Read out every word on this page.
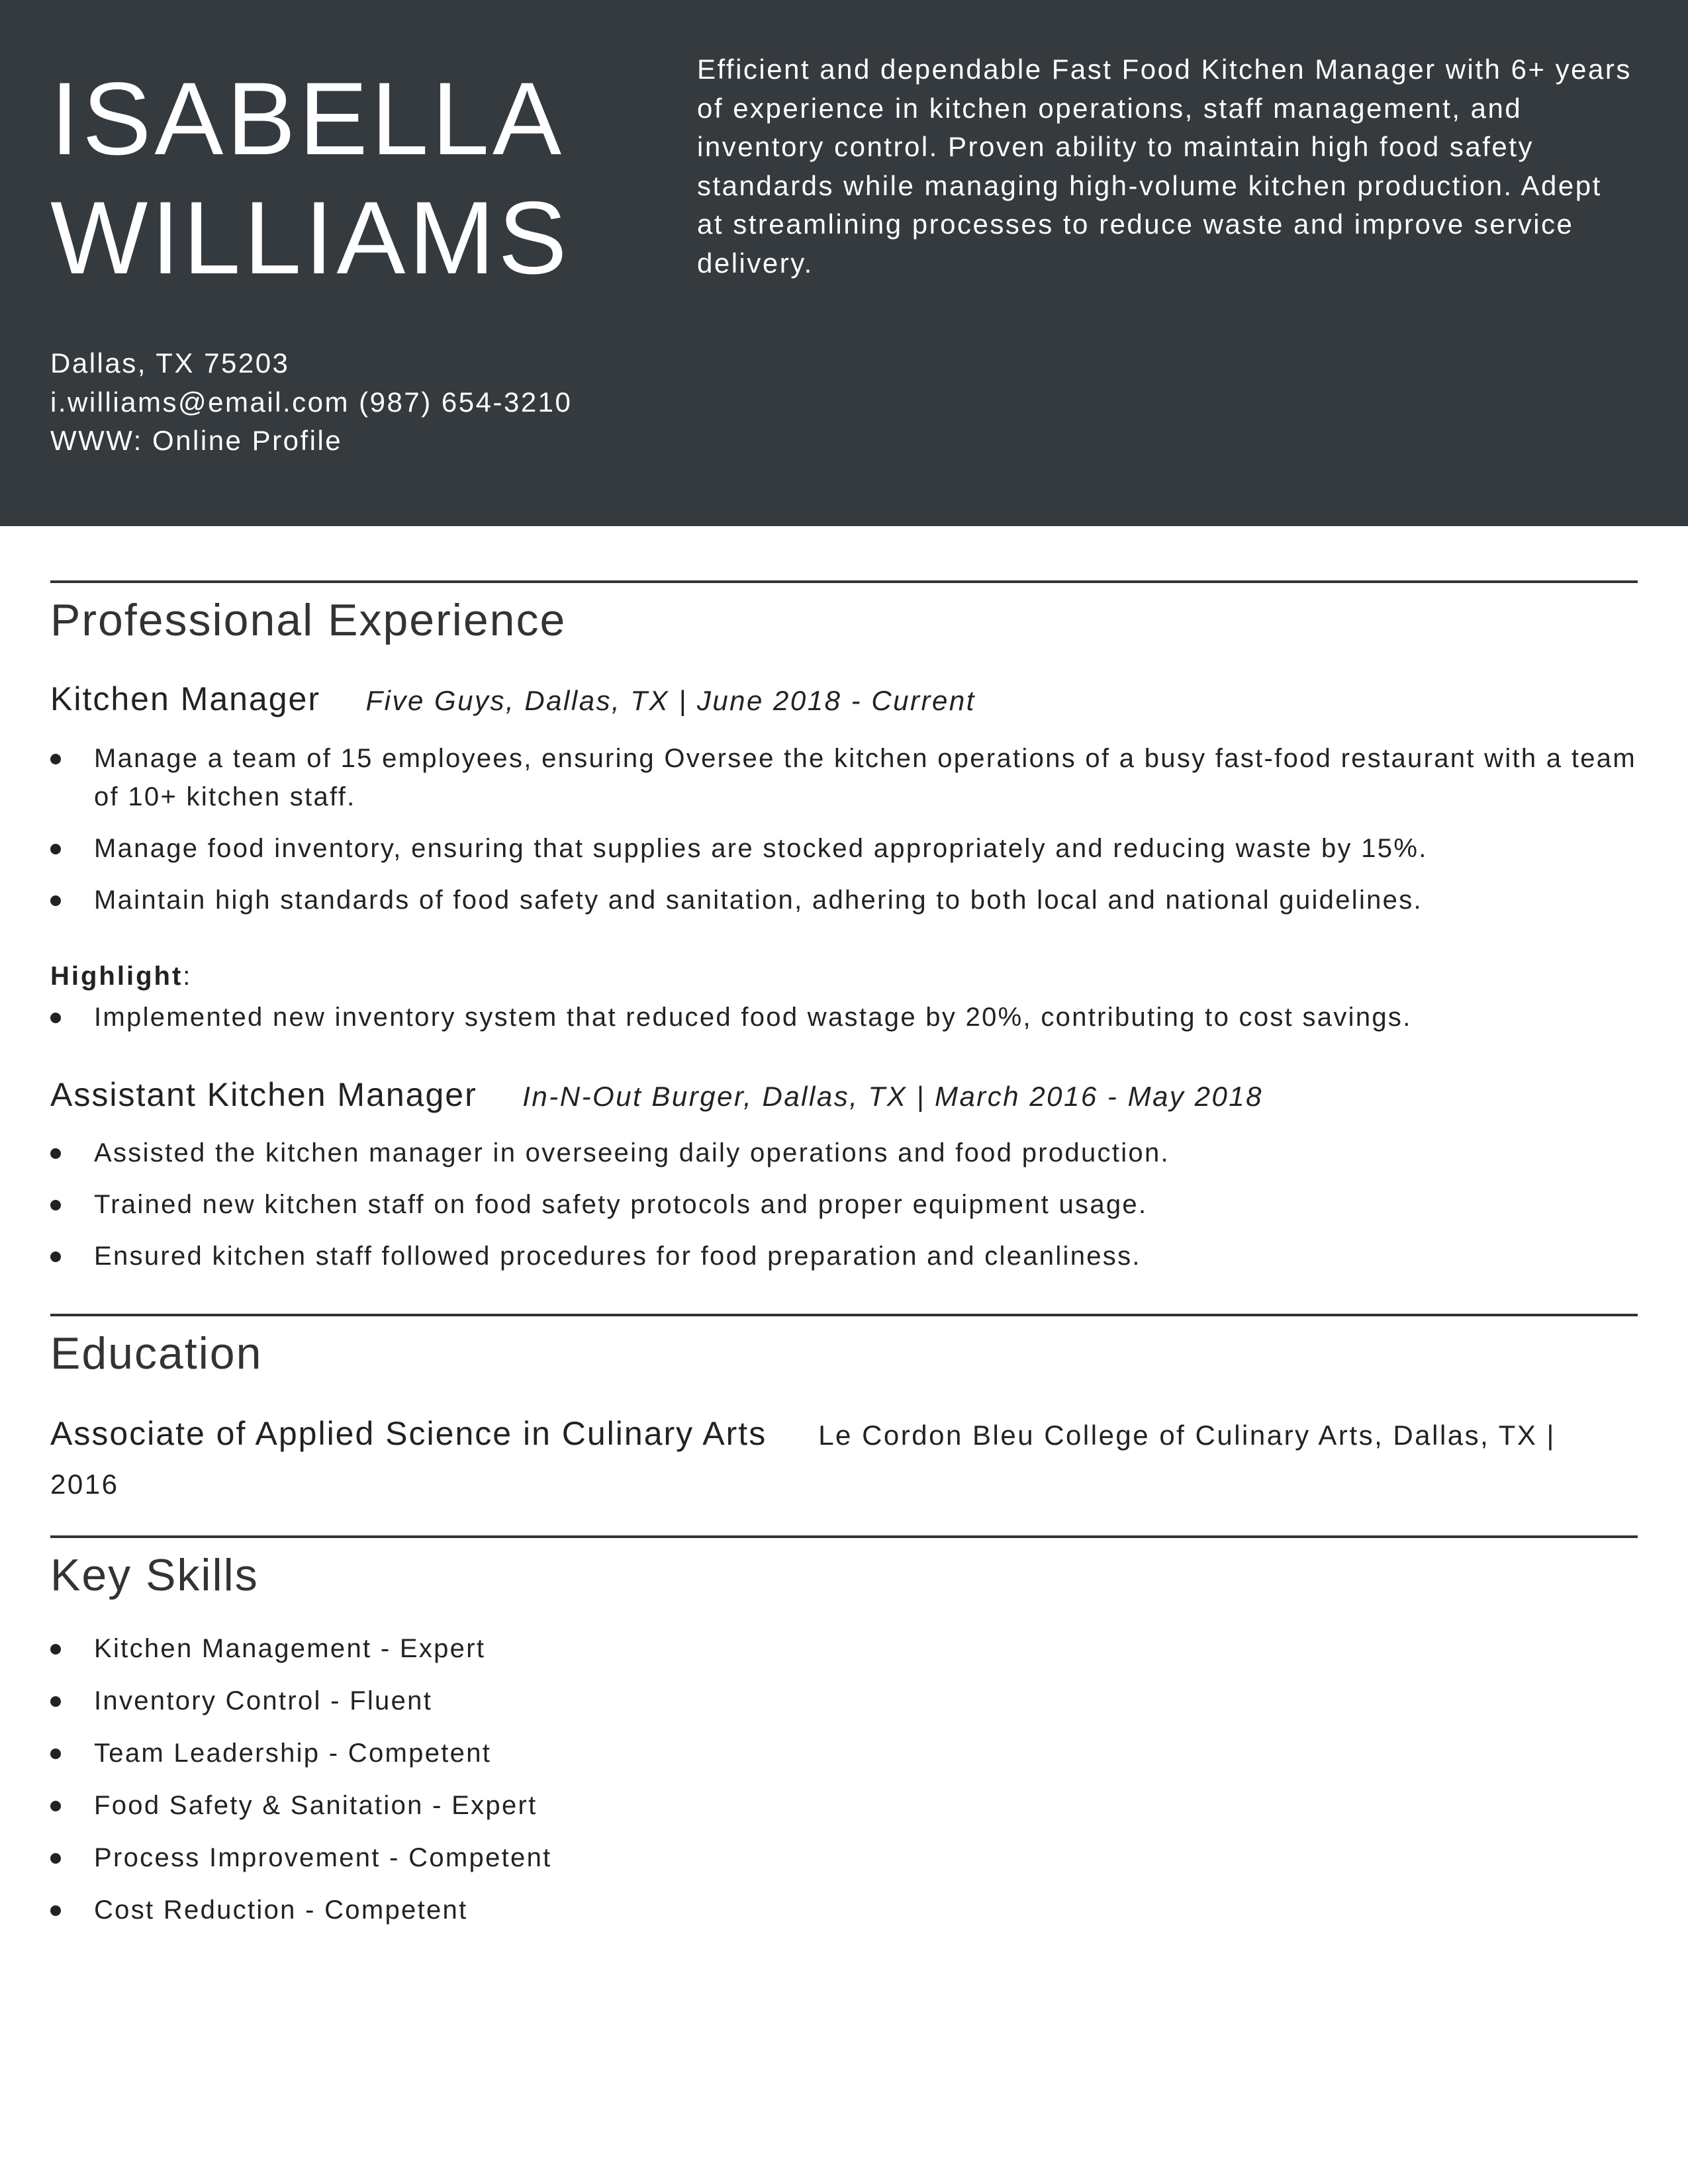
ISABELLA
WILLIAMS

Efficient and dependable Fast Food Kitchen Manager with 6+ years of experience in kitchen operations, staff management, and inventory control. Proven ability to maintain high food safety standards while managing high-volume kitchen production. Adept at streamlining processes to reduce waste and improve service delivery.

Dallas, TX 75203
i.williams@email.com (987) 654-3210
WWW: Online Profile
Professional Experience
Kitchen Manager Five Guys, Dallas, TX | June 2018 - Current
Manage a team of 15 employees, ensuring Oversee the kitchen operations of a busy fast-food restaurant with a team of 10+ kitchen staff.
Manage food inventory, ensuring that supplies are stocked appropriately and reducing waste by 15%.
Maintain high standards of food safety and sanitation, adhering to both local and national guidelines.
Highlight:
Implemented new inventory system that reduced food wastage by 20%, contributing to cost savings.
Assistant Kitchen Manager In-N-Out Burger, Dallas, TX | March 2016 - May 2018
Assisted the kitchen manager in overseeing daily operations and food production.
Trained new kitchen staff on food safety protocols and proper equipment usage.
Ensured kitchen staff followed procedures for food preparation and cleanliness.
Education
Associate of Applied Science in Culinary Arts Le Cordon Bleu College of Culinary Arts, Dallas, TX |
2016
Key Skills
Kitchen Management - Expert
Inventory Control - Fluent
Team Leadership - Competent
Food Safety & Sanitation - Expert
Process Improvement - Competent
Cost Reduction - Competent
